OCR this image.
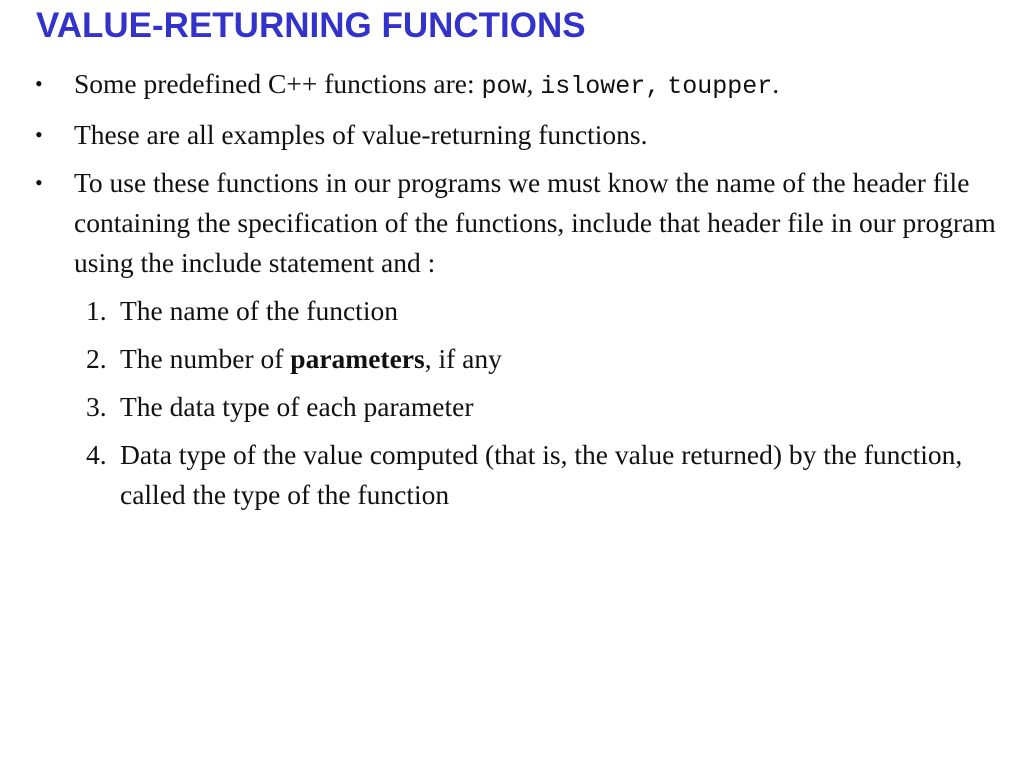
VALUE-RETURNING FUNCTIONS
• Some predefined C++ functions are: pow, islower, toupper.
• These are all examples of value-returning functions.
• To use these functions in our programs we must know the name of the header file containing the specification of the functions, include that header file in our program using the include statement and :
1. The name of the function
2. The number of parameters, if any
3. The data type of each parameter
4. Data type of the value computed (that is, the value returned) by the function, called the type of the function
